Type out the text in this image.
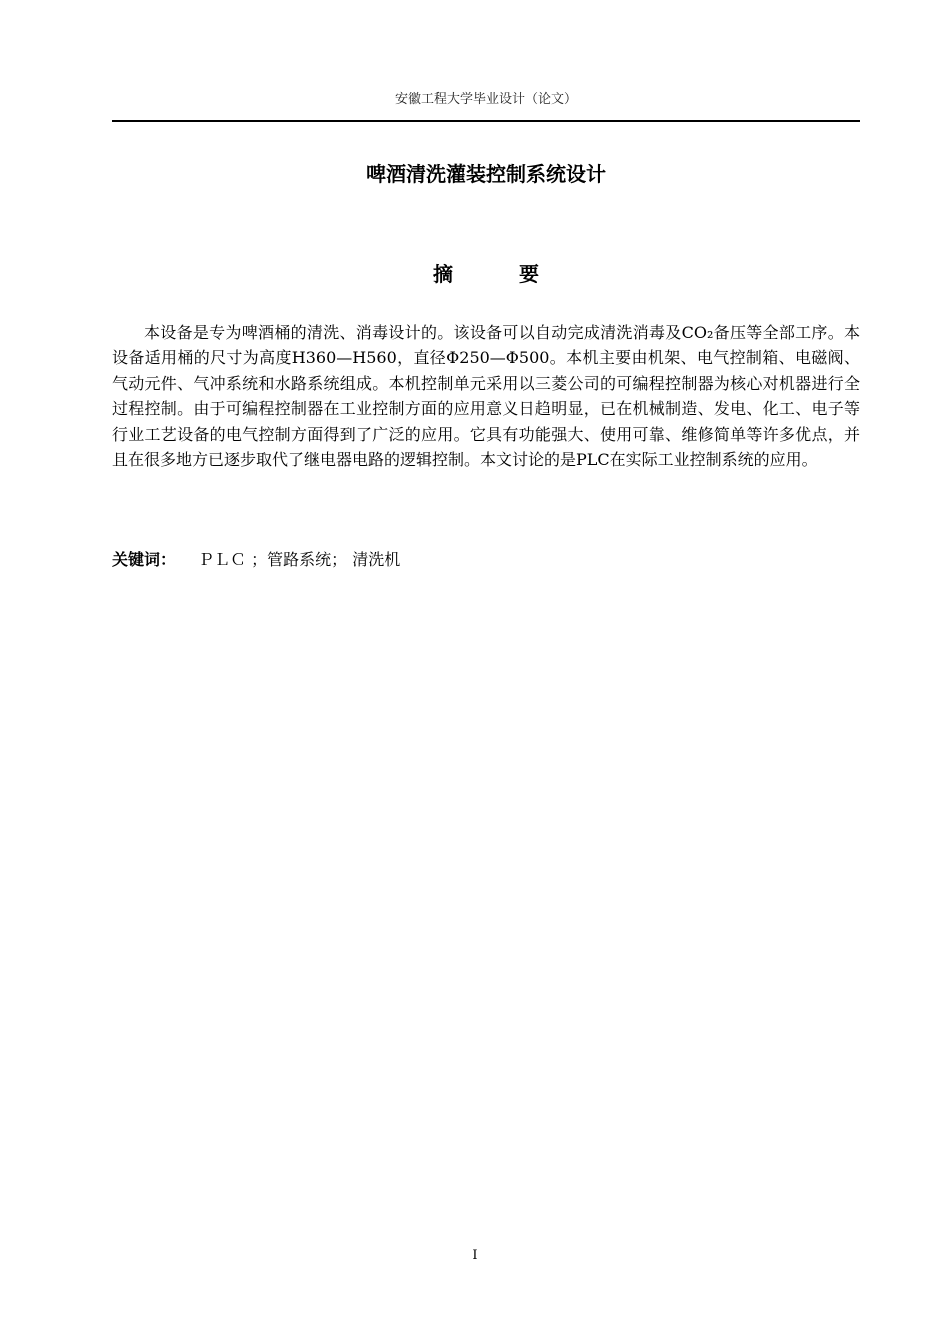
安徽工程大学毕业设计（论文）
啤酒清洗灌装控制系统设计
摘要
本设备是专为啤酒桶的清洗、消毒设计的。该设备可以自动完成清洗消毒及CO₂备压等全部工序。本设备适用桶的尺寸为高度H360—H560，直径Φ250—Φ500。本机主要由机架、电气控制箱、电磁阀、气动元件、气冲系统和水路系统组成。本机控制单元采用以三菱公司的可编程控制器为核心对机器进行全过程控制。由于可编程控制器在工业控制方面的应用意义日趋明显，已在机械制造、发电、化工、电子等行业工艺设备的电气控制方面得到了广泛的应用。它具有功能强大、使用可靠、维修简单等许多优点，并且在很多地方已逐步取代了继电器电路的逻辑控制。本文讨论的是PLC在实际工业控制系统的应用。
关键词： ＰＬＣ ；管路系统； 清洗机
I
